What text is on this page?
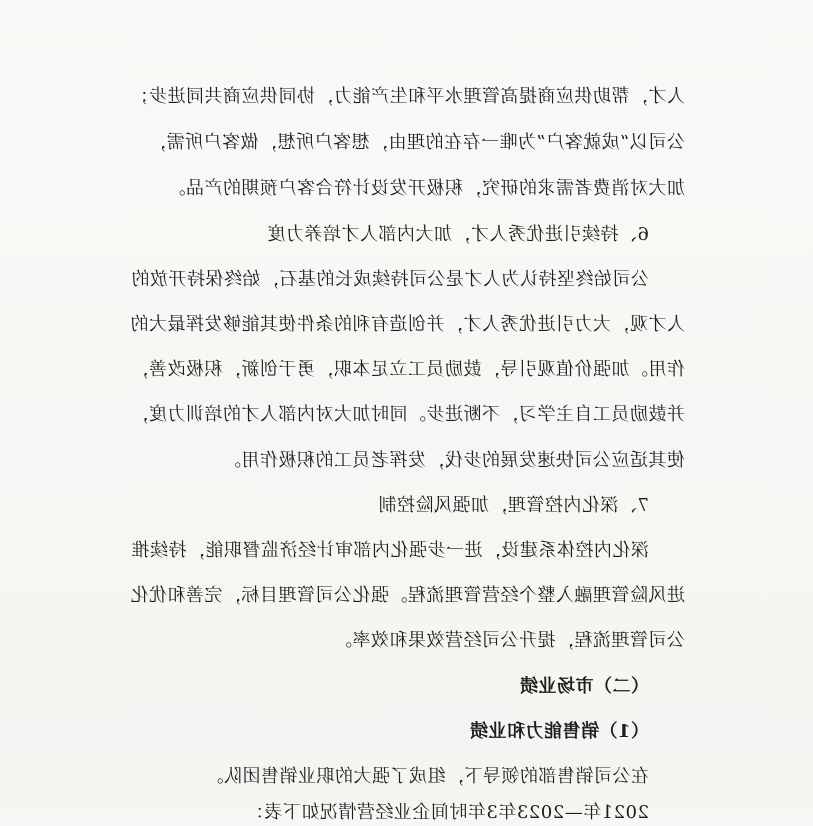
人才，帮助供应商提高管理水平和生产能力，协同供应商共同进步；
公司以“成就客户”为唯一存在的理由，想客户所想，做客户所需，
加大对消费者需求的研究，积极开发设计符合客户预期的产品。
6、持续引进优秀人才，加大内部人才培养力度
公司始终坚持认为人才是公司持续成长的基石，始终保持开放的
人才观，大力引进优秀人才，并创造有利的条件使其能够发挥最大的
作用。加强价值观引导，鼓励员工立足本职，勇于创新，积极改善，
并鼓励员工自主学习，不断进步。同时加大对内部人才的培训力度，
使其适应公司快速发展的步伐，发挥老员工的积极作用。
7、深化内控管理，加强风险控制
深化内控体系建设，进一步强化内部审计经济监督职能，持续推
进风险管理融入整个经营管理流程。强化公司管理目标，完善和优化
公司管理流程，提升公司经营效果和效率。
（二）市场业绩
（1）销售能力和业绩
在公司销售部的领导下，组成了强大的职业销售团队。
2021年—2023年3年时间企业经营情况如下表：
